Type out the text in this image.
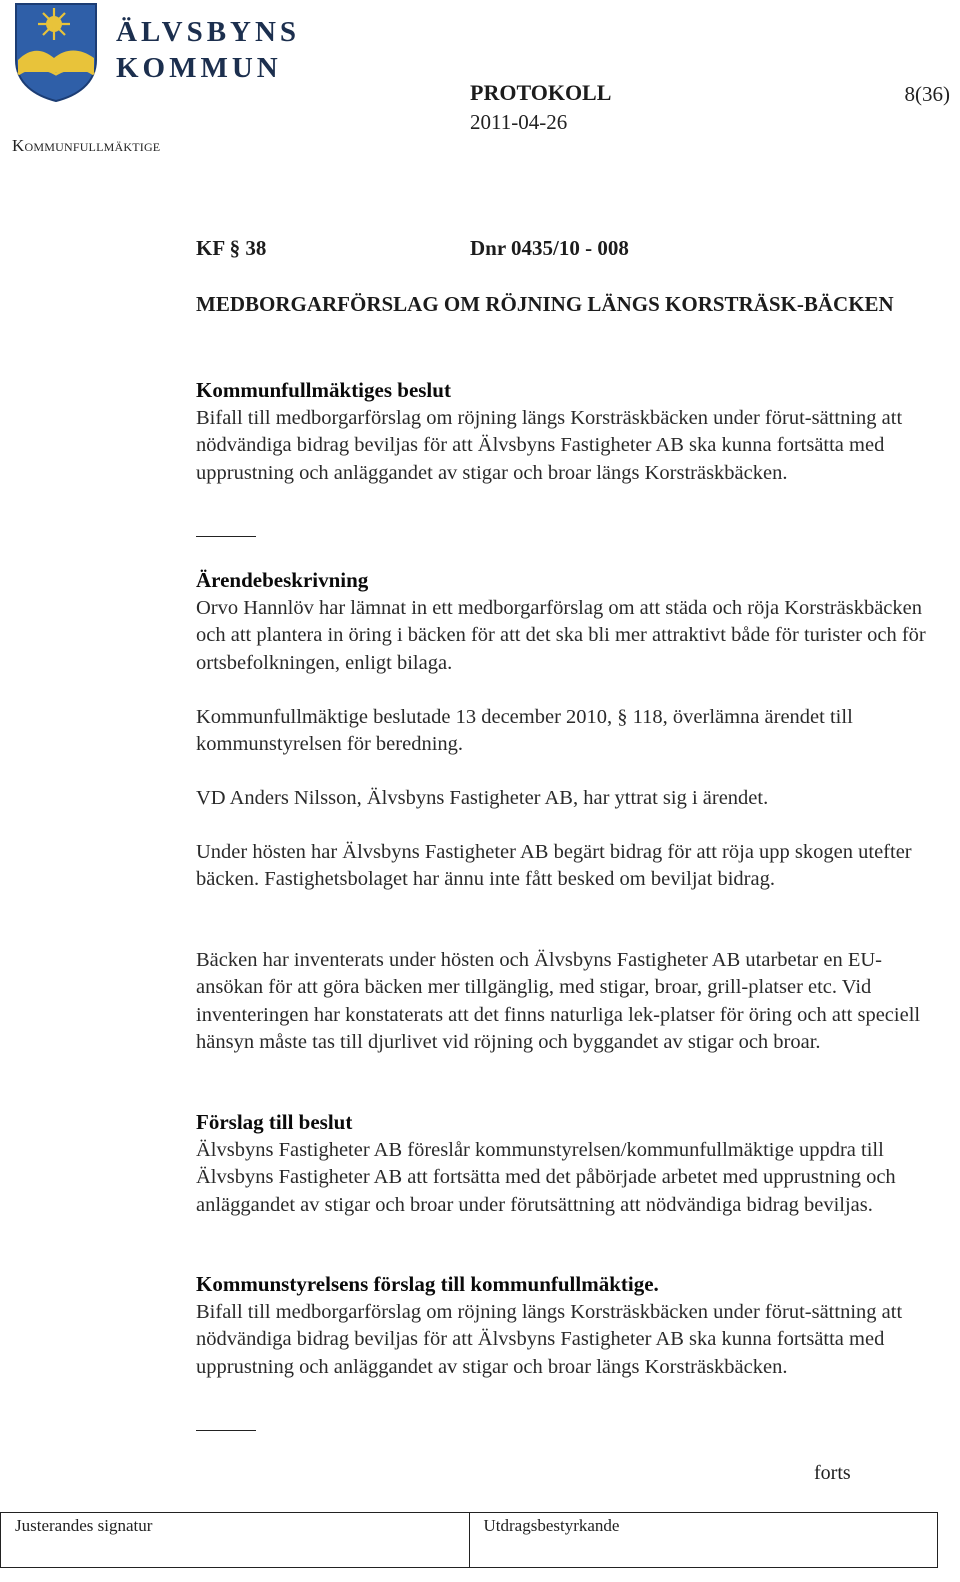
ÄLVSBYNS
KOMMUN
Kommunfullmäktige
PROTOKOLL
2011-04-26
8(36)
KF § 38	Dnr 0435/10 - 008
MEDBORGARFÖRSLAG OM RÖJNING LÄNGS KORSTRÄSK-BÄCKEN
Kommunfullmäktiges beslut

Bifall till medborgarförslag om röjning längs Korsträskbäcken under förut-sättning att nödvändiga bidrag beviljas för att Älvsbyns Fastigheter AB ska kunna fortsätta med upprustning och anläggandet av stigar och broar längs Korsträskbäcken.

Ärendebeskrivning

Orvo Hannlöv har lämnat in ett medborgarförslag om att städa och röja Korsträskbäcken och att plantera in öring i bäcken för att det ska bli mer attraktivt både för turister och för ortsbefolkningen, enligt bilaga.

Kommunfullmäktige beslutade 13 december 2010, § 118, överlämna ärendet till kommunstyrelsen för beredning.

VD Anders Nilsson, Älvsbyns Fastigheter AB, har yttrat sig i ärendet.

Under hösten har Älvsbyns Fastigheter AB begärt bidrag för att röja upp skogen utefter bäcken. Fastighetsbolaget har ännu inte fått besked om beviljat bidrag.

Bäcken har inventerats under hösten och Älvsbyns Fastigheter AB utarbetar en EU-ansökan för att göra bäcken mer tillgänglig, med stigar, broar, grill-platser etc. Vid inventeringen har konstaterats att det finns naturliga lek-platser för öring och att speciell hänsyn måste tas till djurlivet vid röjning och byggandet av stigar och broar.

Förslag till beslut

Älvsbyns Fastigheter AB föreslår kommunstyrelsen/kommunfullmäktige uppdra till Älvsbyns Fastigheter AB att fortsätta med det påbörjade arbetet med upprustning och anläggandet av stigar och broar under förutsättning att nödvändiga bidrag beviljas.

Kommunstyrelsens förslag till kommunfullmäktige.

Bifall till medborgarförslag om röjning längs Korsträskbäcken under förut-sättning att nödvändiga bidrag beviljas för att Älvsbyns Fastigheter AB ska kunna fortsätta med upprustning och anläggandet av stigar och broar längs Korsträskbäcken.

forts
Justerandes signatur	Utdragsbestyrkande
